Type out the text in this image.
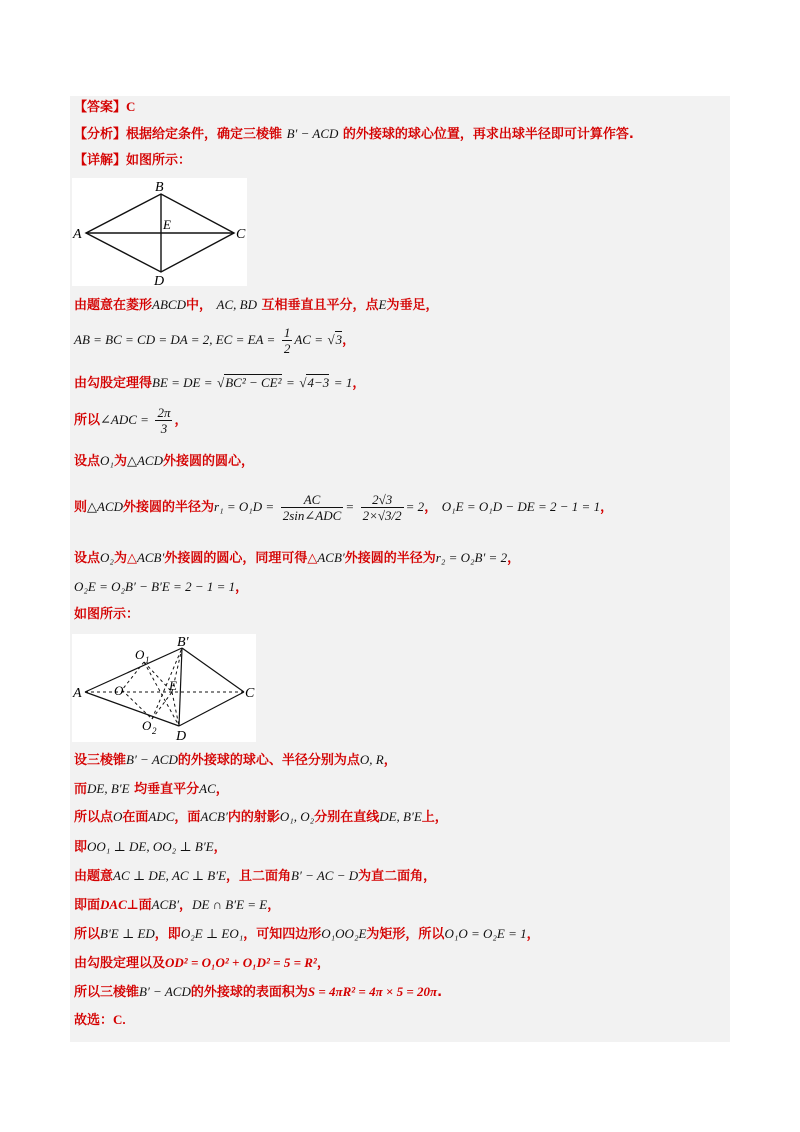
【答案】C
【分析】根据给定条件，确定三棱锥 B′ − ACD 的外接球的球心位置，再求出球半径即可计算作答.
【详解】如图所示：
A
B
C
D
E
由题意在菱形ABCD中， AC, BD 互相垂直且平分，点E为垂足，
AB = BC = CD = DA = 2, EC = EA = $\frac{1}{2}$ AC = √3，
由勾股定理得BE = DE = √BC² − CE² = √4−3 = 1，
所以∠ADC = $\frac{2\pi}{3}$ ，
设点O₁为△ACD外接圆的圆心，
则△ACD外接圆的半径为$r_1 = O_1D = \frac{AC}{\text{2sin∠ADC}} = \frac{2√3}{2\times√3/2} = 2$， O₁E = O₁D − DE = 2 − 1 = 1，
设点O₂为△ACB′外接圆的圆心，同理可得△ACB′外接圆的半径为r₂ = O₂B′ = 2，
O₂E = O₂B′ − B′E = 2 − 1 = 1，
如图所示：
A
B′
C
D
E
O
O 1
O 2
设三棱锥B′ − ACD的外接球的球心、半径分别为点O, R，
而DE, B′E 均垂直平分AC，
所以点O在面ADC，面ACB′内的射影O₁, O₂分别在直线DE, B′E上，
即OO₁ ⊥ DE, OO₂ ⊥ B′E，
由题意AC ⊥ DE, AC ⊥ B′E，且二面角B′ − AC − D为直二面角，
即面DAC⊥面ACB′，DE ∩ B′E = E，
所以B′E ⊥ ED，即O₂E ⊥ EO₁，可知四边形O₁OO₂E为矩形，所以O₁O = O₂E = 1，
由勾股定理以及OD² = O₁O² + O₁D² = 5 = R²，
所以三棱锥B′ − ACD的外接球的表面积为S = 4πR² = 4π × 5 = 20π.
故选：C.
